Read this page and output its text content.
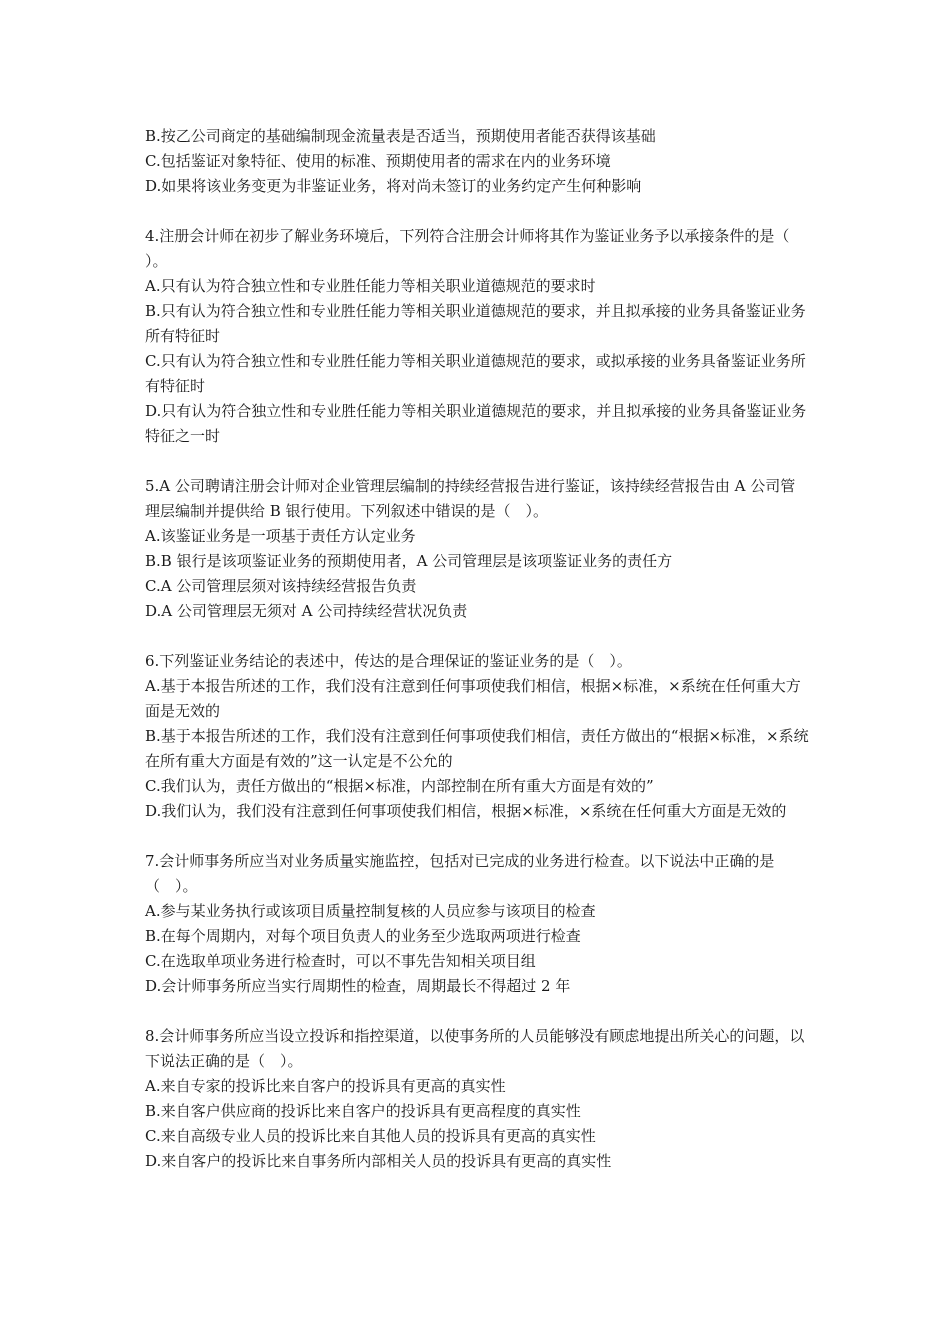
B.按乙公司商定的基础编制现金流量表是否适当，预期使用者能否获得该基础

C.包括鉴证对象特征、使用的标准、预期使用者的需求在内的业务环境

D.如果将该业务变更为非鉴证业务，将对尚未签订的业务约定产生何种影响

4.注册会计师在初步了解业务环境后，下列符合注册会计师将其作为鉴证业务予以承接条件的是（　　）。

A.只有认为符合独立性和专业胜任能力等相关职业道德规范的要求时

B.只有认为符合独立性和专业胜任能力等相关职业道德规范的要求，并且拟承接的业务具备鉴证业务所有特征时

C.只有认为符合独立性和专业胜任能力等相关职业道德规范的要求，或拟承接的业务具备鉴证业务所有特征时

D.只有认为符合独立性和专业胜任能力等相关职业道德规范的要求，并且拟承接的业务具备鉴证业务特征之一时

5.A 公司聘请注册会计师对企业管理层编制的持续经营报告进行鉴证，该持续经营报告由 A 公司管理层编制并提供给 B 银行使用。下列叙述中错误的是（　）。

A.该鉴证业务是一项基于责任方认定业务

B.B 银行是该项鉴证业务的预期使用者，A 公司管理层是该项鉴证业务的责任方

C.A 公司管理层须对该持续经营报告负责

D.A 公司管理层无须对 A 公司持续经营状况负责

6.下列鉴证业务结论的表述中，传达的是合理保证的鉴证业务的是（　）。

A.基于本报告所述的工作，我们没有注意到任何事项使我们相信，根据×标准，×系统在任何重大方面是无效的

B.基于本报告所述的工作，我们没有注意到任何事项使我们相信，责任方做出的“根据×标准，×系统在所有重大方面是有效的”这一认定是不公允的

C.我们认为，责任方做出的“根据×标准，内部控制在所有重大方面是有效的”

D.我们认为，我们没有注意到任何事项使我们相信，根据×标准，×系统在任何重大方面是无效的

7.会计师事务所应当对业务质量实施监控，包括对已完成的业务进行检查。以下说法中正确的是（　）。

A.参与某业务执行或该项目质量控制复核的人员应参与该项目的检查

B.在每个周期内，对每个项目负责人的业务至少选取两项进行检查

C.在选取单项业务进行检查时，可以不事先告知相关项目组

D.会计师事务所应当实行周期性的检查，周期最长不得超过 2 年

8.会计师事务所应当设立投诉和指控渠道，以使事务所的人员能够没有顾虑地提出所关心的问题，以下说法正确的是（　）。

A.来自专家的投诉比来自客户的投诉具有更高的真实性

B.来自客户供应商的投诉比来自客户的投诉具有更高程度的真实性

C.来自高级专业人员的投诉比来自其他人员的投诉具有更高的真实性

D.来自客户的投诉比来自事务所内部相关人员的投诉具有更高的真实性
